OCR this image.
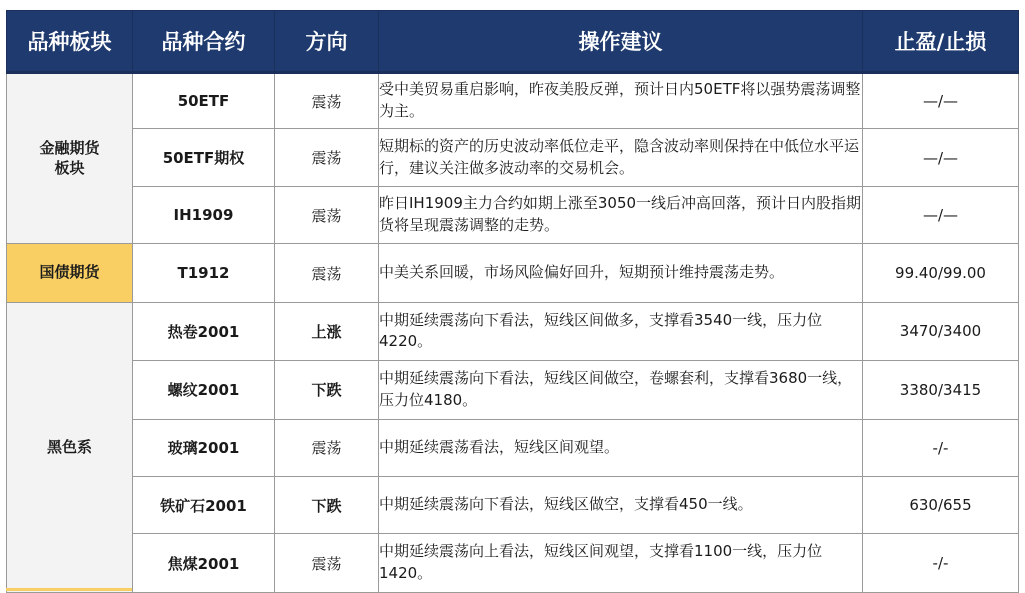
品种板块	品种合约	方向	操作建议	止盈/止损

金融期货板块	50ETF	震荡	受中美贸易重启影响，昨夜美股反弹，预计日内50ETF将以强势震荡调整为主。	—/—
	50ETF期权	震荡	短期标的资产的历史波动率低位走平，隐含波动率则保持在中低位水平运行，建议关注做多波动率的交易机会。	—/—
	IH1909	震荡	昨日IH1909主力合约如期上涨至3050一线后冲高回落，预计日内股指期货将呈现震荡调整的走势。	—/—
国债期货	T1912	震荡	中美关系回暖，市场风险偏好回升，短期预计维持震荡走势。	99.40/99.00
黑色系	热卷2001	上涨	中期延续震荡向下看法，短线区间做多，支撑看3540一线，压力位4220。	3470/3400
	螺纹2001	下跌	中期延续震荡向下看法，短线区间做空，卷螺套利，支撑看3680一线，压力位4180。	3380/3415
	玻璃2001	震荡	中期延续震荡看法，短线区间观望。	-/-
	铁矿石2001	下跌	中期延续震荡向下看法，短线区做空，支撑看450一线。	630/655
	焦煤2001	震荡	中期延续震荡向上看法，短线区间观望，支撑看1100一线，压力位1420。	-/-
